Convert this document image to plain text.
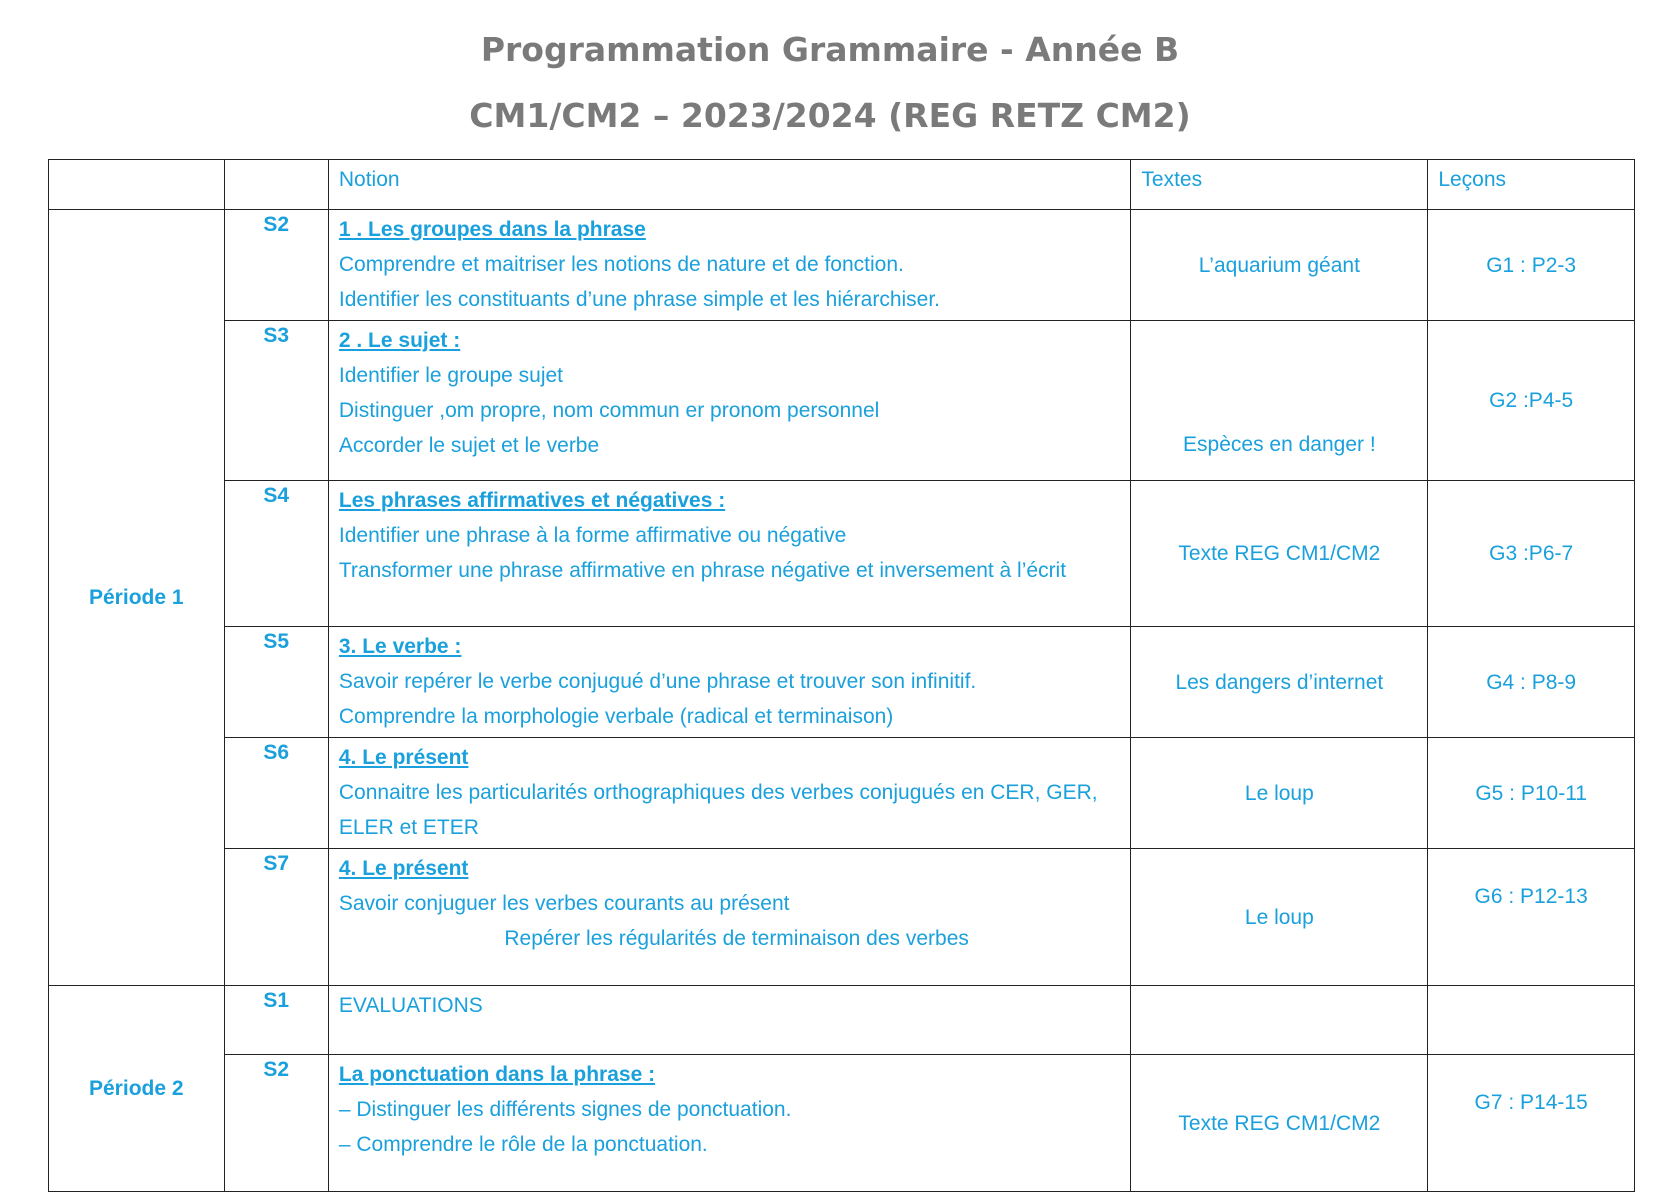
Programmation Grammaire - Année B
CM1/CM2 – 2023/2024 (REG RETZ CM2)
		Notion	Textes	Leçons
Période 1	S2	1 . Les groupes dans la phrase
Comprendre et maitriser les notions de nature et de fonction.
Identifier les constituants d’une phrase simple et les hiérarchiser.	L’aquarium géant	G1 : P2-3
	S3	2 . Le sujet :
Identifier le groupe sujet
Distinguer ,om propre, nom commun er pronom personnel
Accorder le sujet et le verbe	Espèces en danger !	G2 :P4-5
	S4	Les phrases affirmatives et négatives :
Identifier une phrase à la forme affirmative ou négative
Transformer une phrase affirmative en phrase négative et inversement à l’écrit	Texte REG CM1/CM2	G3 :P6-7
	S5	3. Le verbe :
Savoir repérer le verbe conjugué d’une phrase et trouver son infinitif.
Comprendre la morphologie verbale (radical et terminaison)	Les dangers d’internet	G4 : P8-9
	S6	4. Le présent
Connaitre les particularités orthographiques des verbes conjugués en CER, GER, ELER et ETER	Le loup	G5 : P10-11
	S7	4. Le présent
Savoir conjuguer les verbes courants au présent
Repérer les régularités de terminaison des verbes	Le loup	G6 : P12-13
Période 2	S1	EVALUATIONS		

	S2	La ponctuation dans la phrase :
– Distinguer les différents signes de ponctuation.
– Comprendre le rôle de la ponctuation.	Texte REG CM1/CM2	G7 : P14-15
